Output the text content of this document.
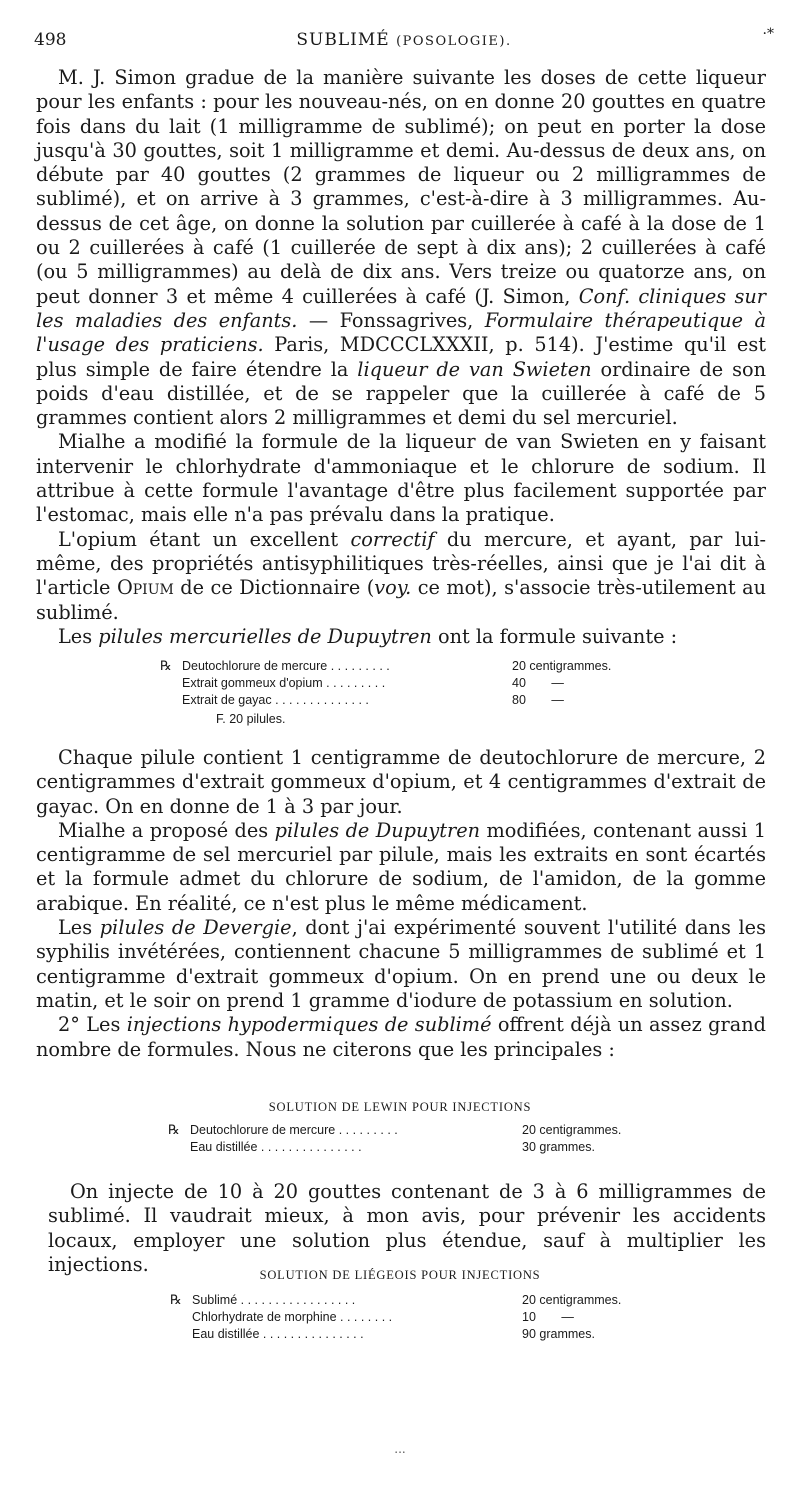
498	SUBLIMÉ (POSOLOGIE).	·*

M. J. Simon gradue de la manière suivante les doses de cette liqueur pour les enfants : pour les nouveau-nés, on en donne 20 gouttes en quatre fois dans du lait (1 milligramme de sublimé); on peut en porter la dose jusqu'à 30 gouttes, soit 1 milligramme et demi. Au-dessus de deux ans, on débute par 40 gouttes (2 grammes de liqueur ou 2 milligrammes de sublimé), et on arrive à 3 grammes, c'est-à-dire à 3 milligrammes. Au-dessus de cet âge, on donne la solution par cuillerée à café à la dose de 1 ou 2 cuillerées à café (1 cuillerée de sept à dix ans); 2 cuillerées à café (ou 5 milligrammes) au delà de dix ans. Vers treize ou quatorze ans, on peut donner 3 et même 4 cuillerées à café (J. Simon, Conf. cliniques sur les maladies des enfants. — Fonssagrives, Formulaire thérapeutique à l'usage des praticiens. Paris, MDCCCLXXXII, p. 514). J'estime qu'il est plus simple de faire étendre la liqueur de van Swieten ordinaire de son poids d'eau distillée, et de se rappeler que la cuillerée à café de 5 grammes contient alors 2 milligrammes et demi du sel mercuriel.

Mialhe a modifié la formule de la liqueur de van Swieten en y faisant intervenir le chlorhydrate d'ammoniaque et le chlorure de sodium. Il attribue à cette formule l'avantage d'être plus facilement supportée par l'estomac, mais elle n'a pas prévalu dans la pratique.

L'opium étant un excellent correctif du mercure, et ayant, par lui-même, des propriétés antisyphilitiques très-réelles, ainsi que je l'ai dit à l'article Opium de ce Dictionnaire (voy. ce mot), s'associe très-utilement au sublimé.

Les pilules mercurielles de Dupuytren ont la formule suivante :

℞ Deutochlorure de mercure . . . . . . . . .	20 centigrammes.
Extrait gommeux d'opium . . . . . . . . .	40 —
Extrait de gayac . . . . . . . . . . . . . .	80 —
F. 20 pilules.

Chaque pilule contient 1 centigramme de deutochlorure de mercure, 2 centigrammes d'extrait gommeux d'opium, et 4 centigrammes d'extrait de gayac. On en donne de 1 à 3 par jour.

Mialhe a proposé des pilules de Dupuytren modifiées, contenant aussi 1 centigramme de sel mercuriel par pilule, mais les extraits en sont écartés et la formule admet du chlorure de sodium, de l'amidon, de la gomme arabique. En réalité, ce n'est plus le même médicament.

Les pilules de Devergie, dont j'ai expérimenté souvent l'utilité dans les syphilis invétérées, contiennent chacune 5 milligrammes de sublimé et 1 centigramme d'extrait gommeux d'opium. On en prend une ou deux le matin, et le soir on prend 1 gramme d'iodure de potassium en solution.

2° Les injections hypodermiques de sublimé offrent déjà un assez grand nombre de formules. Nous ne citerons que les principales :

SOLUTION DE LEWIN POUR INJECTIONS
℞ Deutochlorure de mercure . . . . . . . . .	20 centigrammes.
Eau distillée . . . . . . . . . . . . . . .	30 grammes.

On injecte de 10 à 20 gouttes contenant de 3 à 6 milligrammes de sublimé. Il vaudrait mieux, à mon avis, pour prévenir les accidents locaux, employer une solution plus étendue, sauf à multiplier les injections.	SOLUTION DE LIÉGEOIS POUR INJECTIONS
℞ Sublimé . . . . . . . . . . . . . . . . .	20 centigrammes.
Chlorhydrate de morphine . . . . . . . .	10 —
Eau distillée . . . . . . . . . . . . . . .	90 grammes.
...
